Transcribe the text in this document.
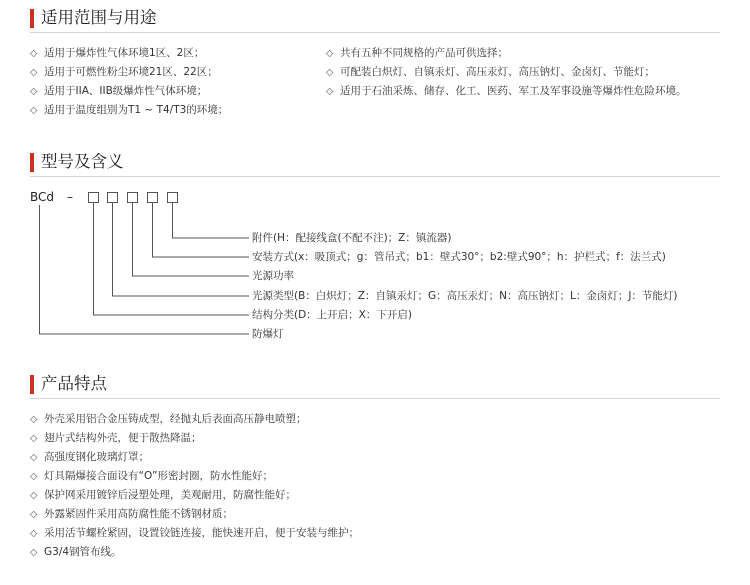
适用范围与用途
◇ 适用于爆炸性气体环境1区、2区；
◇ 适用于可燃性粉尘环境21区、22区；
◇ 适用于IIA、IIB级爆炸性气体环境；
◇ 适用于温度组别为T1 ~ T4/T3的环境；
◇ 共有五种不同规格的产品可供选择；
◇ 可配装白炽灯、自镇汞灯、高压汞灯、高压钠灯、金卤灯、节能灯；
◇ 适用于石油采炼、储存、化工、医药、军工及军事设施等爆炸性危险环境。
型号及含义
BCd –
附件(H：配接线盒(不配不注)；Z：镇流器)
安装方式(x：吸顶式；g：管吊式；b1：壁式30°；b2:壁式90°；h：护栏式；f：法兰式)
光源功率
光源类型(B：白炽灯；Z：自镇汞灯；G：高压汞灯；N：高压钠灯；L：金卤灯；J：节能灯)
结构分类(D：上开启；X：下开启)
防爆灯
产品特点
◇ 外壳采用铝合金压铸成型，经抛丸后表面高压静电喷塑；
◇ 翅片式结构外壳，便于散热降温；
◇ 高强度钢化玻璃灯罩；
◇ 灯具隔爆接合面设有“O”形密封圈，防水性能好；
◇ 保护网采用镀锌后浸塑处理，美观耐用，防腐性能好；
◇ 外露紧固件采用高防腐性能不锈钢材质；
◇ 采用活节螺栓紧固，设置铰链连接，能快速开启，便于安装与维护；
◇ G3/4钢管布线。
